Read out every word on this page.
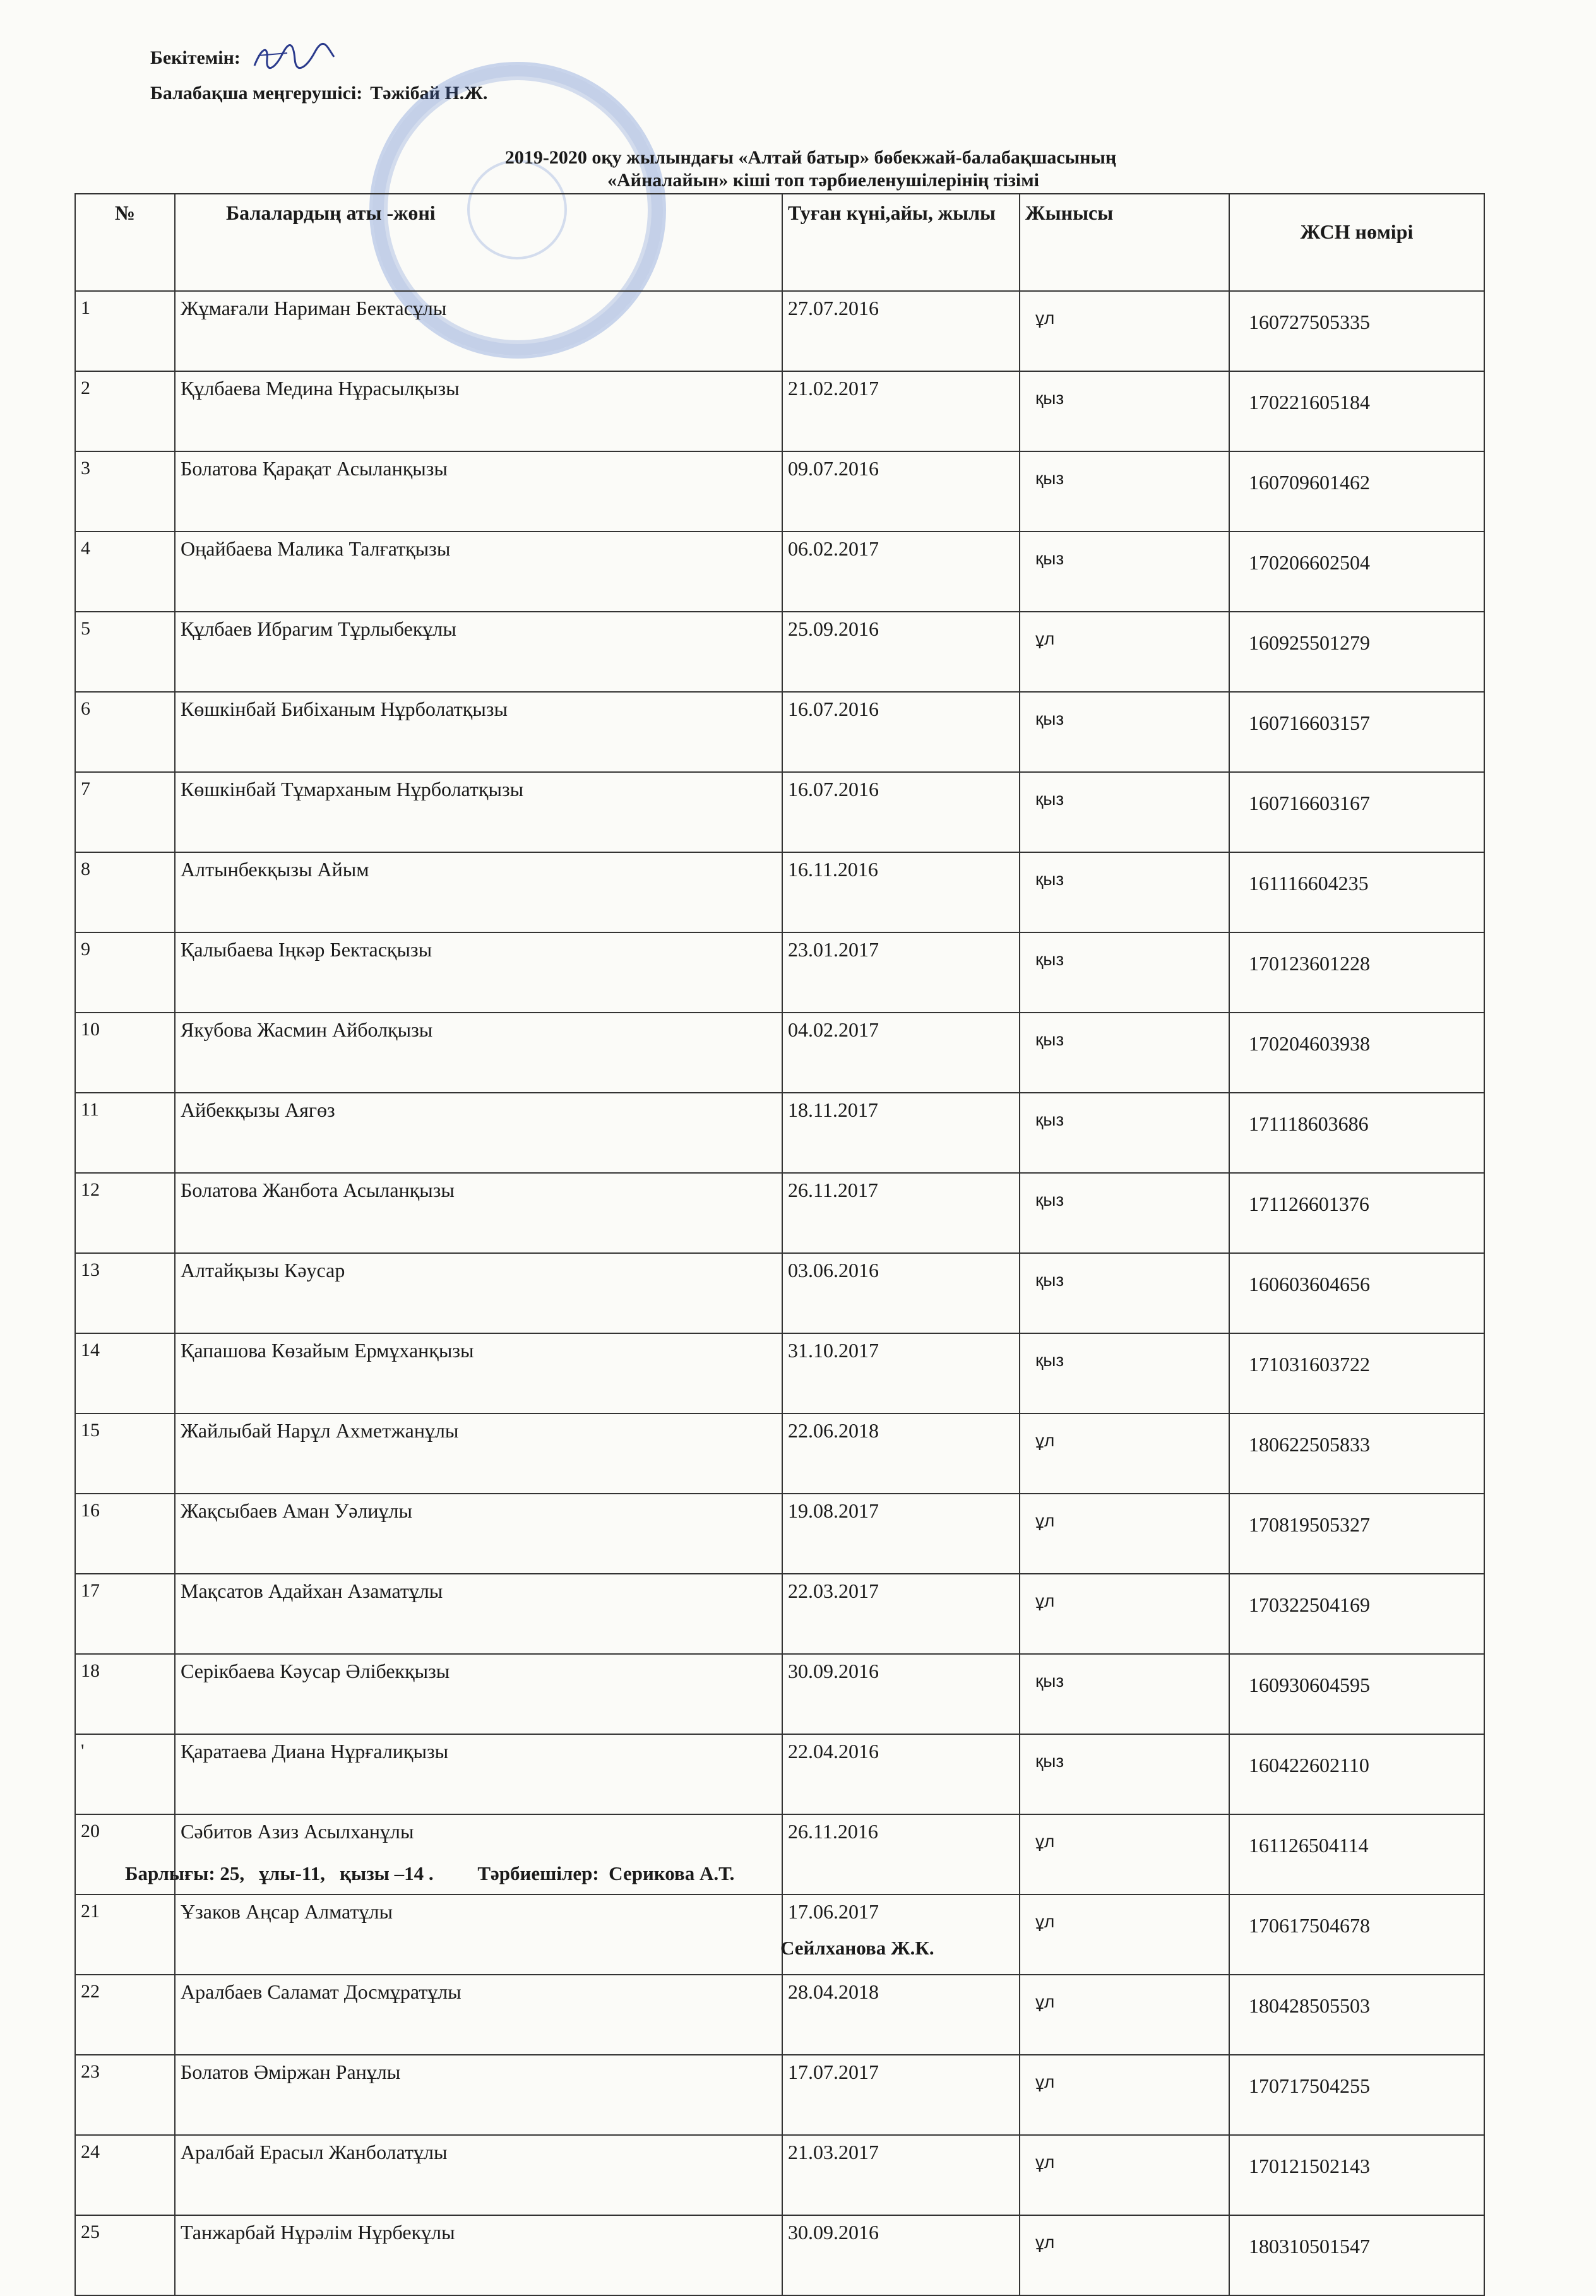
Бекітемін:
Балабақша меңгерушісі: Тәжібай Н.Ж.
2019-2020 оқу жылындағы «Алтай батыр» бөбекжай-балабақшасының
«Айналайын» кіші топ тәрбиеленушілерінің тізімі
№	Балалардың аты -жөні	Туған күні,айы, жылы	Жынысы	ЖСН нөмірі
1	Жұмағали Нариман Бектасұлы	27.07.2016	ұл	160727505335
2	Құлбаева Медина Нұрасылқызы	21.02.2017	қыз	170221605184
3	Болатова Қарақат Асыланқызы	09.07.2016	қыз	160709601462
4	Оңайбаева Малика Талғатқызы	06.02.2017	қыз	170206602504
5	Құлбаев Ибрагим Тұрлыбекұлы	25.09.2016	ұл	160925501279
6	Көшкінбай Бибіханым Нұрболатқызы	16.07.2016	қыз	160716603157
7	Көшкінбай Тұмарханым Нұрболатқызы	16.07.2016	қыз	160716603167
8	Алтынбекқызы Айым	16.11.2016	қыз	161116604235
9	Қалыбаева Іңкәр Бектасқызы	23.01.2017	қыз	170123601228
10	Якубова Жасмин Айболқызы	04.02.2017	қыз	170204603938
11	Айбекқызы Аягөз	18.11.2017	қыз	171118603686
12	Болатова Жанбота Асыланқызы	26.11.2017	қыз	171126601376
13	Алтайқызы Кәусар	03.06.2016	қыз	160603604656
14	Қапашова Көзайым Ермұханқызы	31.10.2017	қыз	171031603722
15	Жайлыбай Нарұл Ахметжанұлы	22.06.2018	ұл	180622505833
16	Жақсыбаев Аман Уәлиұлы	19.08.2017	ұл	170819505327
17	Мақсатов Адайхан Азаматұлы	22.03.2017	ұл	170322504169
18	Серікбаева Кәусар Әлібекқызы	30.09.2016	қыз	160930604595
'	Қаратаева Диана Нұрғалиқызы	22.04.2016	қыз	160422602110
20	Сәбитов Азиз Асылханұлы	26.11.2016	ұл	161126504114
21	Ұзаков Аңсар Алматұлы	17.06.2017	ұл	170617504678
22	Аралбаев Саламат Досмұратұлы	28.04.2018	ұл	180428505503
23	Болатов Әміржан Ранұлы	17.07.2017	ұл	170717504255
24	Аралбай Ерасыл Жанболатұлы	21.03.2017	ұл	170121502143
25	Танжарбай Нұрәлім Нұрбекұлы	30.09.2016	ұл	180310501547
Барлығы: 25, ұлы-11, қызы –14 . Тәрбиешілер: Серикова А.Т.
Сейлханова Ж.К.
